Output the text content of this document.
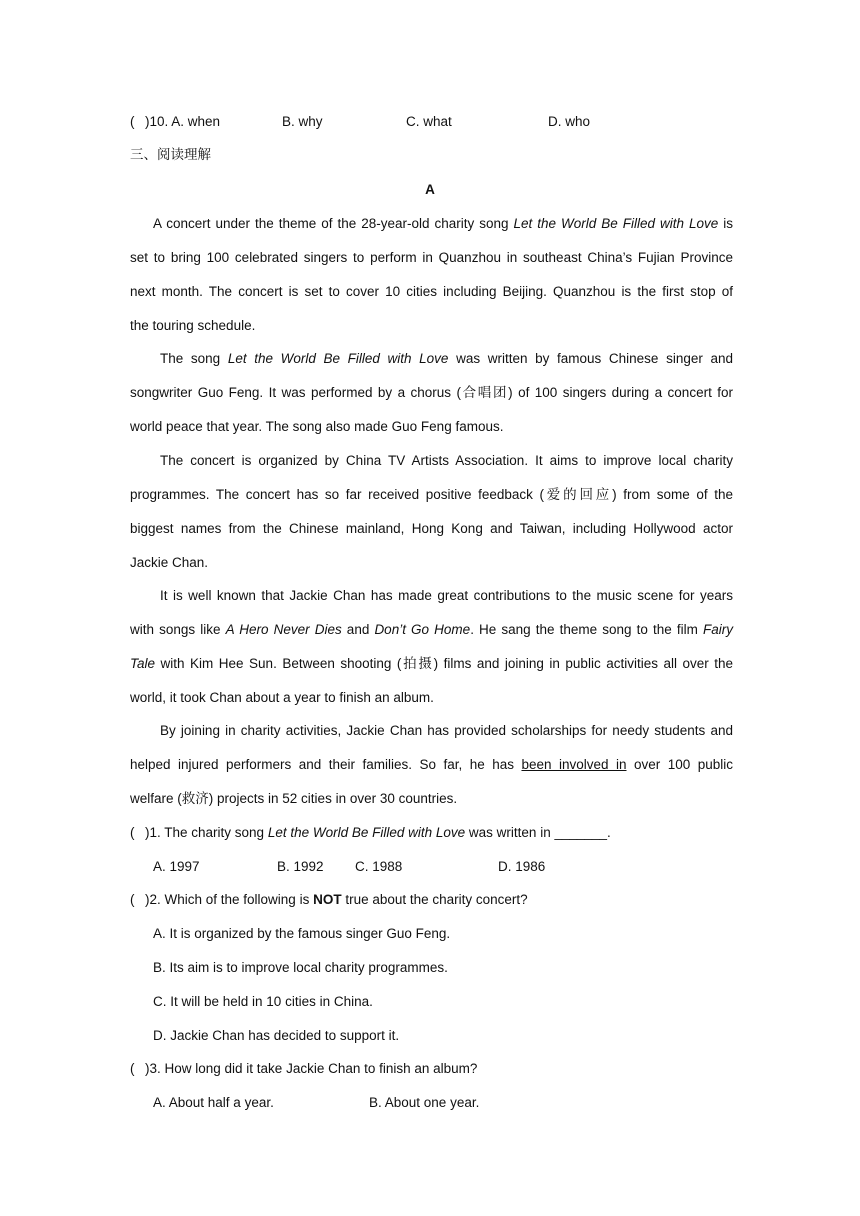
( )10. A. when	B. why	C. what	D. who
三、阅读理解
A
A concert under the theme of the 28-year-old charity song Let the World Be Filled with Love is
set to bring 100 celebrated singers to perform in Quanzhou in southeast China’s Fujian Province
next month. The concert is set to cover 10 cities including Beijing. Quanzhou is the first stop of
the touring schedule.
The song Let the World Be Filled with Love was written by famous Chinese singer and
songwriter Guo Feng. It was performed by a chorus (合唱团) of 100 singers during a concert for
world peace that year. The song also made Guo Feng famous.
The concert is organized by China TV Artists Association. It aims to improve local charity
programmes. The concert has so far received positive feedback (爱的回应) from some of the
biggest names from the Chinese mainland, Hong Kong and Taiwan, including Hollywood actor
Jackie Chan.
It is well known that Jackie Chan has made great contributions to the music scene for years
with songs like A Hero Never Dies and Don’t Go Home. He sang the theme song to the film Fairy
Tale with Kim Hee Sun. Between shooting (拍摄) films and joining in public activities all over the
world, it took Chan about a year to finish an album.
By joining in charity activities, Jackie Chan has provided scholarships for needy students and
helped injured performers and their families. So far, he has been involved in over 100 public
welfare (救济) projects in 52 cities in over 30 countries.
( )1. The charity song Let the World Be Filled with Love was written in _______.
A. 1997	B. 1992 C. 1988	D. 1986
( )2. Which of the following is NOT true about the charity concert?
A. It is organized by the famous singer Guo Feng.
B. Its aim is to improve local charity programmes.
C. It will be held in 10 cities in China.
D. Jackie Chan has decided to support it.
( )3. How long did it take Jackie Chan to finish an album?
A. About half a year.	B. About one year.
